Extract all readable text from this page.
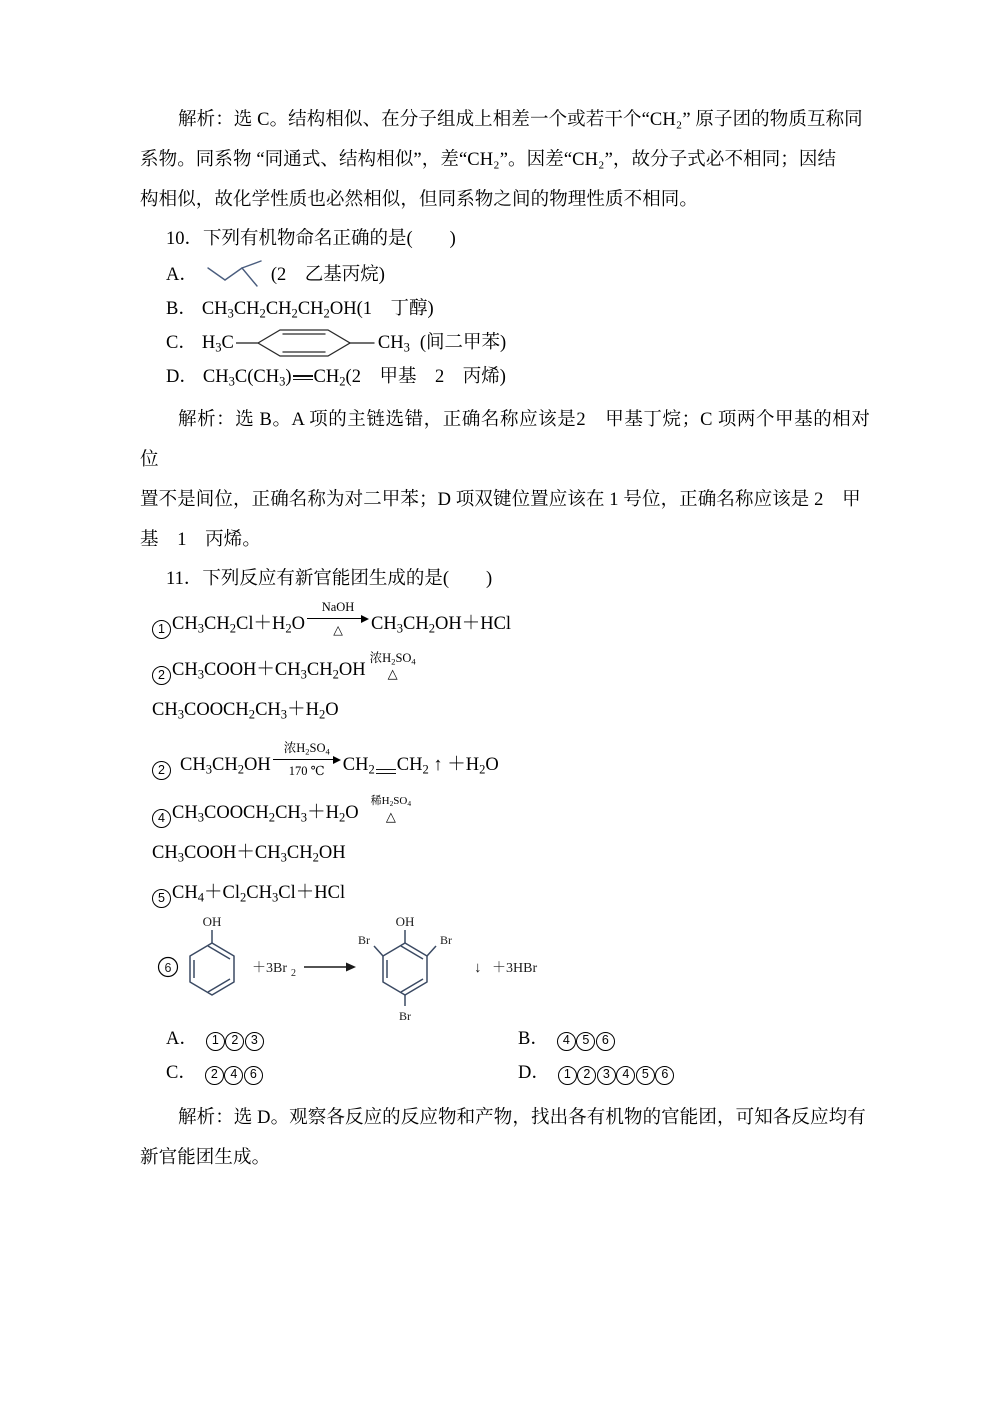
解析：选 C。结构相似、在分子组成上相差一个或若干个“CH₂” 原子团的物质互称同

系物。同系物 “同通式、结构相似”，差“CH₂”。因差“CH₂”，故分子式必不相同；因结

构相似，故化学性质也必然相似，但同系物之间的物理性质不相同。

10．下列有机物命名正确的是(　　)

A．	(2　乙基丙烷)
B． $CH_3CH_2CH_2CH_2OH$ (1　丁醇)
C． $H_3C$	$CH_3$ (间二甲苯)
D． $CH_3C(CH_3)$ $CH_2$ (2　甲基　2　丙烯)

解析：选 B。A 项的主链选错，正确名称应该是2　甲基丁烷；C 项两个甲基的相对位

置不是间位，正确名称为对二甲苯；D 项双键位置应该在 1 号位，正确名称应该是 2　甲

基　1　丙烯。

11．下列反应有新官能团生成的是(　　)

1 $CH_3CH_2Cl+H_2O$
NaOH
△	$CH_3CH_2OH+HCl$
2 $CH_3COOH+CH_3CH_2OH$
浓$H_2SO_4$
△
$CH_3COOCH_2CH_3+H_2O$
2 $CH_3CH_2OH$
浓$H_2SO_4$
170 ℃ $CH_2$ $CH_2$ ↑ $+H_2O$
4 $CH_3COOCH_2CH_3+H_2O$
稀$H_2SO_4$
△
$CH_3COOH+CH_3CH_2OH$
5 $CH_4+Cl_2CH_3Cl+HCl$
6
OH
＋3Br 2
OH
Br	Br
Br
↓ ＋3HBr
A．	1 2 3	B．	4 5 6
C．	2 4 6	D．	1 2 3 4 5 6

解析：选 D。观察各反应的反应物和产物，找出各有机物的官能团，可知各反应均有

新官能团生成。
